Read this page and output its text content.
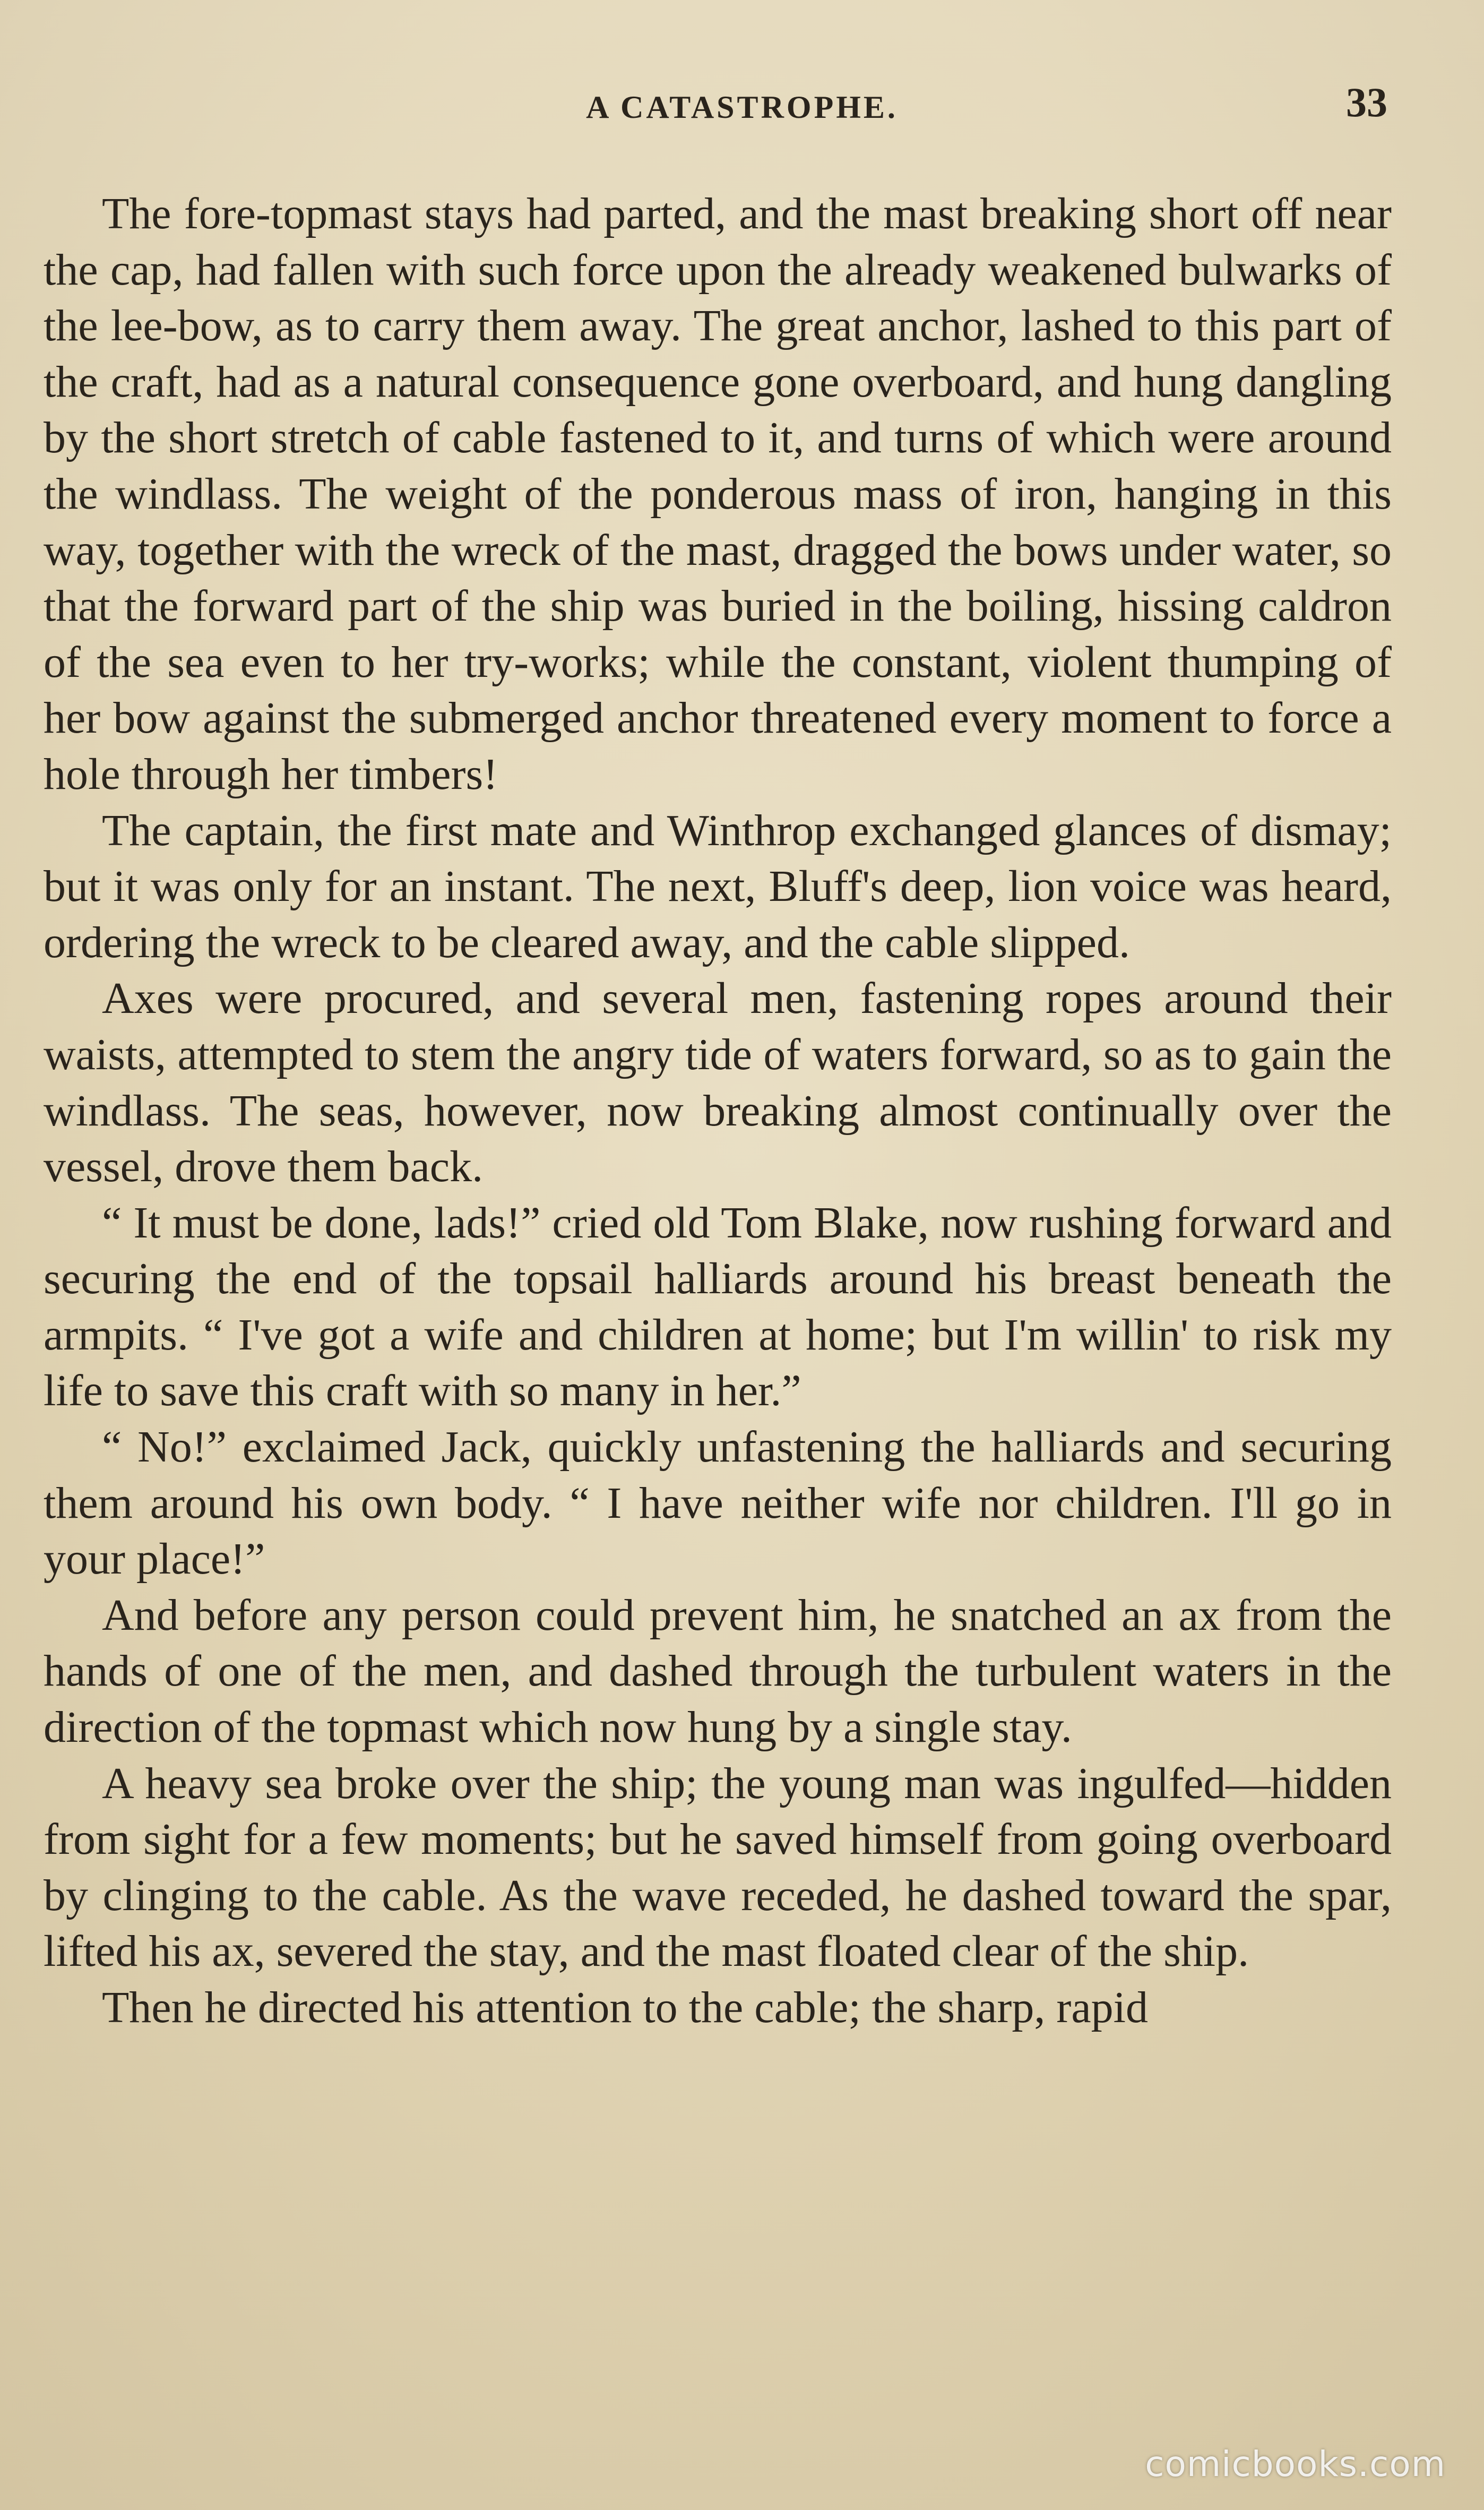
A CATASTROPHE.	33

The fore-topmast stays had parted, and the mast breaking short off near the cap, had fallen with such force upon the already weakened bulwarks of the lee-bow, as to carry them away. The great anchor, lashed to this part of the craft, had as a natural consequence gone overboard, and hung dangling by the short stretch of cable fastened to it, and turns of which were around the windlass. The weight of the ponderous mass of iron, hanging in this way, together with the wreck of the mast, dragged the bows under water, so that the forward part of the ship was buried in the boiling, hissing caldron of the sea even to her try-works; while the constant, violent thumping of her bow against the submerged anchor threatened every moment to force a hole through her timbers!

The captain, the first mate and Winthrop exchanged glances of dismay; but it was only for an instant. The next, Bluff's deep, lion voice was heard, ordering the wreck to be cleared away, and the cable slipped.

Axes were procured, and several men, fastening ropes around their waists, attempted to stem the angry tide of waters forward, so as to gain the windlass. The seas, however, now breaking almost continually over the vessel, drove them back.

“ It must be done, lads!” cried old Tom Blake, now rushing forward and securing the end of the topsail halliards around his breast beneath the armpits. “ I've got a wife and children at home; but I'm willin' to risk my life to save this craft with so many in her.”

“ No!” exclaimed Jack, quickly unfastening the halliards and securing them around his own body. “ I have neither wife nor children. I'll go in your place!”

And before any person could prevent him, he snatched an ax from the hands of one of the men, and dashed through the turbulent waters in the direction of the topmast which now hung by a single stay.

A heavy sea broke over the ship; the young man was ingulfed—hidden from sight for a few moments; but he saved himself from going overboard by clinging to the cable. As the wave receded, he dashed toward the spar, lifted his ax, severed the stay, and the mast floated clear of the ship.

Then he directed his attention to the cable; the sharp, rapid

comicbooks.com
